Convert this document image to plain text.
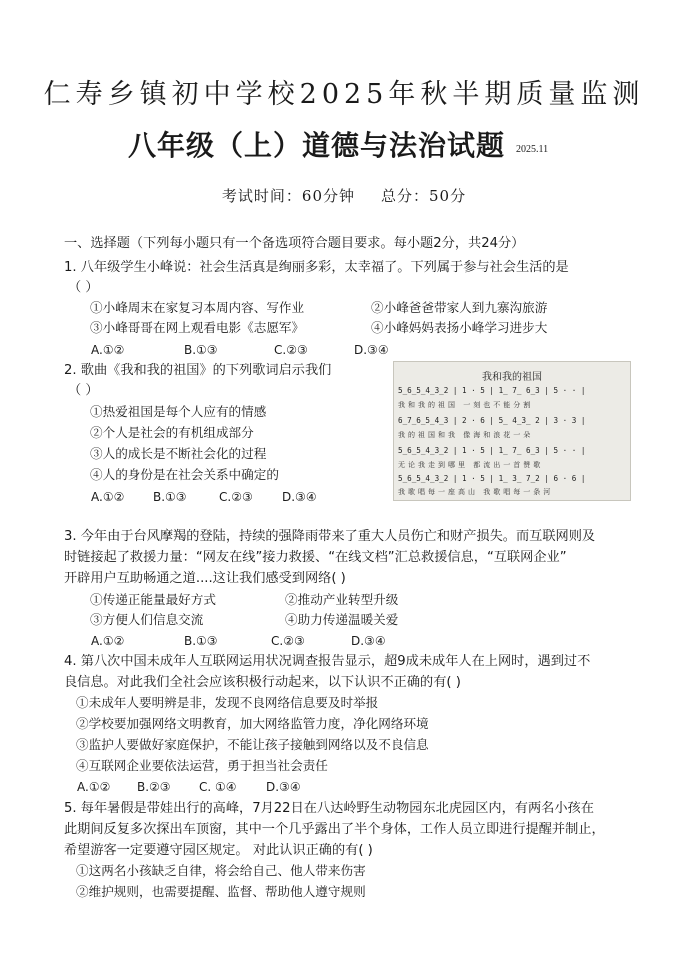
仁寿乡镇初中学校2025年秋半期质量监测
八年级（上）道德与法治试题 2025.11
考试时间：60分钟 总分：50分
一、选择题（下列每小题只有一个备选项符合题目要求。每小题2分，共24分）
1. 八年级学生小峰说：社会生活真是绚丽多彩，太幸福了。下列属于参与社会生活的是
（ ）
①小峰周末在家复习本周内容、写作业	②小峰爸爸带家人到九寨沟旅游
③小峰哥哥在网上观看电影《志愿军》	④小峰妈妈表扬小峰学习进步大
A.①②	B.①③	C.②③	D.③④
2. 歌曲《我和我的祖国》的下列歌词启示我们
（ ）
①热爱祖国是每个人应有的情感
②个人是社会的有机组成部分
③人的成长是不断社会化的过程
④人的身份是在社会关系中确定的
A.①② B.①③	C.②③ D.③④
我和我的祖国
5̲6̲5̲4̲3̲2 | 1 · 5 | 1̲ 7̲ 6̲3 | 5 · · |
我和我的祖国 一刻也不能分割
6̲7̲6̲5̲4̲3 | 2 · 6 | 5̲ 4̲3̲ 2 | 3 · 3 |
我的祖国和我 像海和浪花一朵
5̲6̲5̲4̲3̲2 | 1 · 5 | 1̲ 7̲ 6̲3 | 5 · · |
无论我走到哪里 都流出一首赞歌
5̲6̲5̲4̲3̲2 | 1 · 5 | 1̲ 3̲ 7̲2 | 6 · 6 |
我歌唱每一座高山 我歌唱每一条河
3. 今年由于台风摩羯的登陆，持续的强降雨带来了重大人员伤亡和财产损失。而互联网则及
时链接起了救援力量：“网友在线”接力救援、“在线文档”汇总救援信息，“互联网企业”
开辟用户互助畅通之道....这让我们感受到网络( )
①传递正能量最好方式	②推动产业转型升级
③方便人们信息交流	④助力传递温暖关爱
A.①②	B.①③	C.②③	D.③④
4. 第八次中国未成年人互联网运用状况调查报告显示，超9成未成年人在上网时，遇到过不
良信息。对此我们全社会应该积极行动起来，以下认识不正确的有( )
①未成年人要明辨是非，发现不良网络信息要及时举报
②学校要加强网络文明教育，加大网络监管力度，净化网络环境
③监护人要做好家庭保护，不能让孩子接触到网络以及不良信息
④互联网企业要依法运营，勇于担当社会责任
A.①② B.②③ C. ①④ D.③④
5. 每年暑假是带娃出行的高峰，7月22日在八达岭野生动物园东北虎园区内，有两名小孩在
此期间反复多次探出车顶窗，其中一个几乎露出了半个身体，工作人员立即进行提醒并制止，
希望游客一定要遵守园区规定。 对此认识正确的有( )
①这两名小孩缺乏自律，将会给自己、他人带来伤害
②维护规则，也需要提醒、监督、帮助他人遵守规则
